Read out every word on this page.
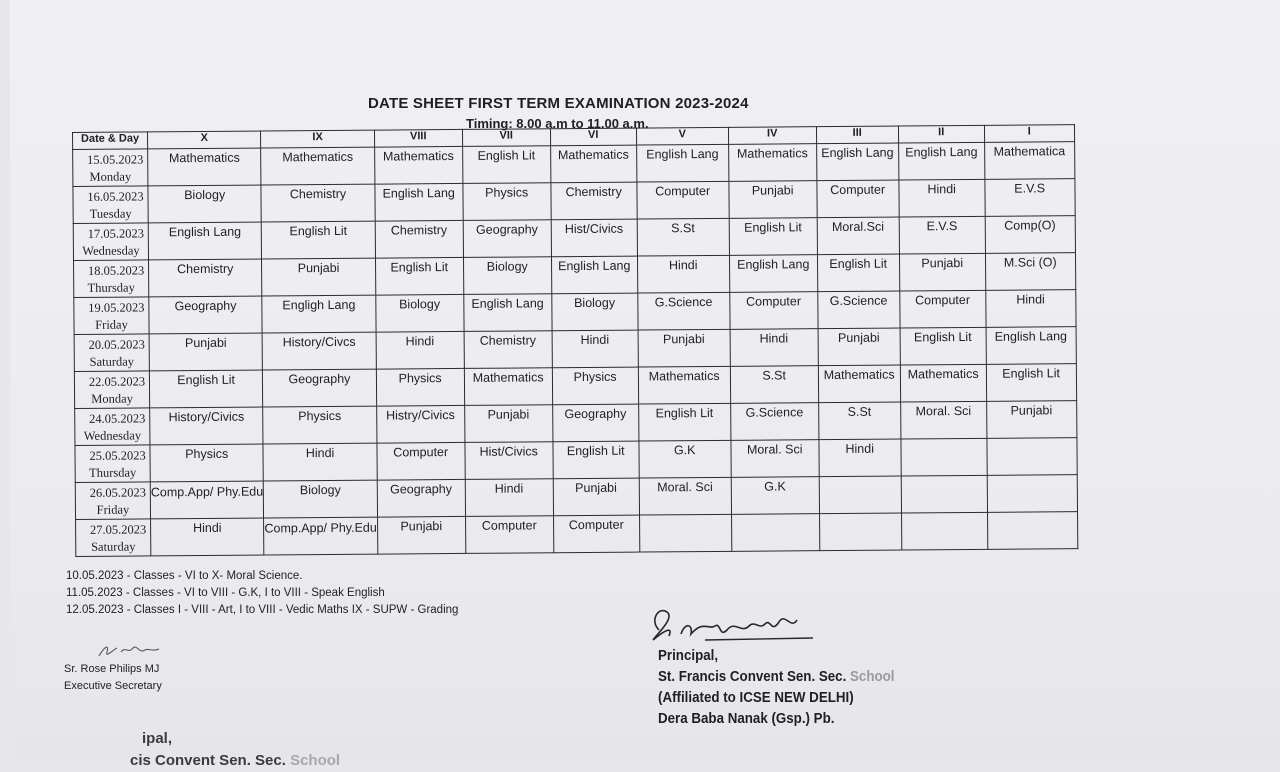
DATE SHEET FIRST TERM EXAMINATION 2023-2024
Timing: 8.00 a.m to 11.00 a.m.
Date & Day	X	IX	VIII	VII	VI	V	IV	III	II	I

15.05.2023
Monday	Mathematics	Mathematics	Mathematics	English Lit	Mathematics	English Lang	Mathematics	English Lang	English Lang	Mathematica

16.05.2023
Tuesday	Biology	Chemistry	English Lang	Physics	Chemistry	Computer	Punjabi	Computer	Hindi	E.V.S

17.05.2023
Wednesday	English Lang	English Lit	Chemistry	Geography	Hist/Civics	S.St	English Lit	Moral.Sci	E.V.S	Comp(O)

18.05.2023
Thursday	Chemistry	Punjabi	English Lit	Biology	English Lang	Hindi	English Lang	English Lit	Punjabi	M.Sci (O)

19.05.2023
Friday	Geography	Engligh Lang	Biology	English Lang	Biology	G.Science	Computer	G.Science	Computer	Hindi

20.05.2023
Saturday	Punjabi	History/Civcs	Hindi	Chemistry	Hindi	Punjabi	Hindi	Punjabi	English Lit	English Lang

22.05.2023
Monday	English Lit	Geography	Physics	Mathematics	Physics	Mathematics	S.St	Mathematics	Mathematics	English Lit

24.05.2023
Wednesday	History/Civics	Physics	Histry/Civics	Punjabi	Geography	English Lit	G.Science	S.St	Moral. Sci	Punjabi

25.05.2023
Thursday	Physics	Hindi	Computer	Hist/Civics	English Lit	G.K	Moral. Sci	Hindi		

26.05.2023
Friday	Comp.App/ Phy.Edu	Biology	Geography	Hindi	Punjabi	Moral. Sci	G.K			

27.05.2023
Saturday	Hindi	Comp.App/ Phy.Edu	Punjabi	Computer	Computer					
10.05.2023 - Classes - VI to X- Moral Science.
11.05.2023 - Classes - VI to VIII - G.K, I to VIII - Speak English
12.05.2023 - Classes I - VIII - Art, I to VIII - Vedic Maths IX - SUPW - Grading
Sr. Rose Philips MJ
Executive Secretary
Principal,
St. Francis Convent Sen. Sec. School
(Affiliated to ICSE NEW DELHI)
Dera Baba Nanak (Gsp.) Pb.
ipal,
cis Convent Sen. Sec. School
